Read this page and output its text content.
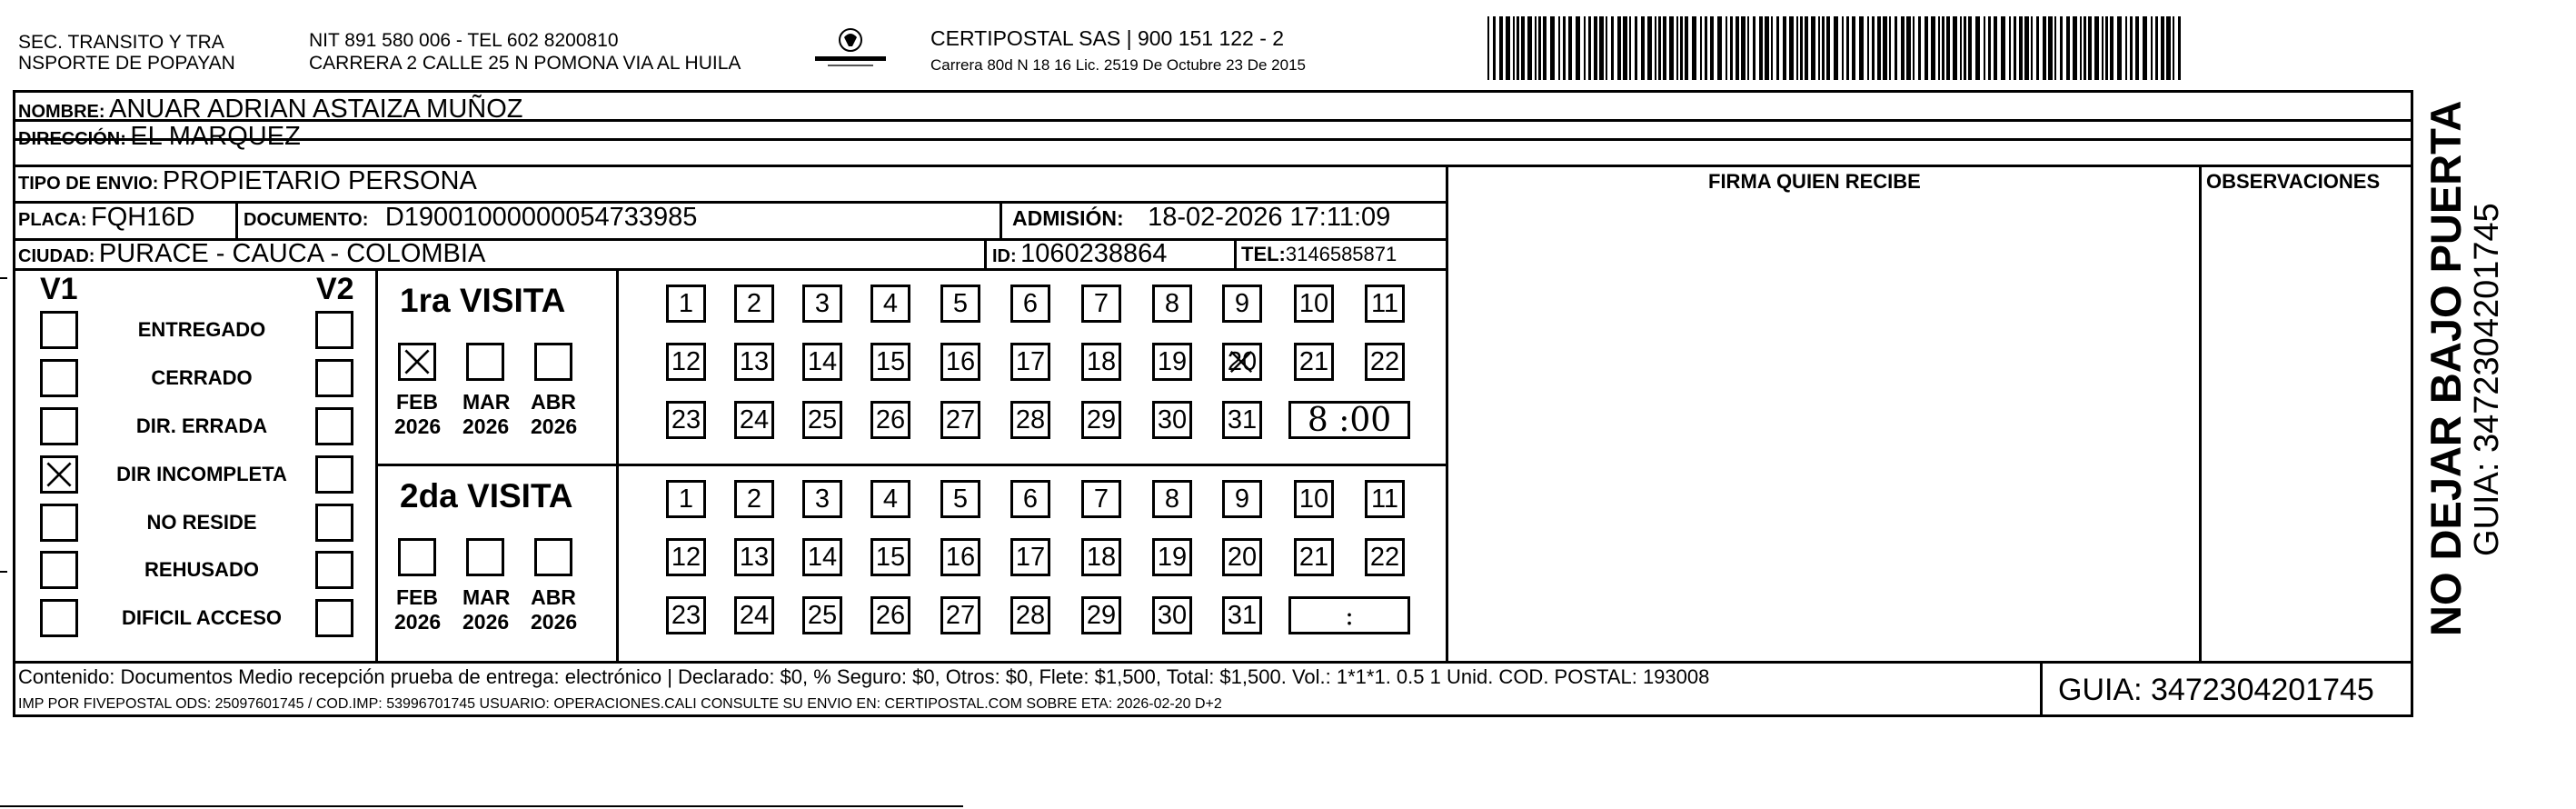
SEC. TRANSITO Y TRA
NSPORTE DE POPAYAN
NIT 891 580 006 - TEL 602 8200810
CARRERA 2 CALLE 25 N POMONA VIA AL HUILA
CERTIPOSTAL SAS | 900 151 122 - 2
Carrera 80d N 18 16 Lic. 2519 De Octubre 23 De 2015
NOMBRE: ANUAR ADRIAN ASTAIZA MUÑOZ
DIRECCIÓN: EL MARQUEZ
TIPO DE ENVIO: PROPIETARIO PERSONA	FIRMA QUIEN RECIBE	OBSERVACIONES
PLACA: FQH16D	DOCUMENTO: D19001000000054733985	ADMISIÓN: 18-02-2026 17:11:09
CIUDAD: PURACE - CAUCA - COLOMBIA	ID: 1060238864	TEL:3146585871
V1	V2
ENTREGADO
CERRADO
DIR. ERRADA
DIR INCOMPLETA
NO RESIDE
REHUSADO
DIFICIL ACCESO
1ra VISITA
FEB
2026
MAR
2026
ABR
2026
1 2 3 4 5 6 7 8 9 10 11
12 13 14 15 16 17 18 19 20 21 22
23 24 25 26 27 28 29 30 31 8 :00
2da VISITA
FEB
2026
MAR
2026
ABR
2026
1 2 3 4 5 6 7 8 9 10 11
12 13 14 15 16 17 18 19 20 21 22
23 24 25 26 27 28 29 30 31	:
Contenido: Documentos Medio recepción prueba de entrega: electrónico | Declarado: $0, % Seguro: $0, Otros: $0, Flete: $1,500, Total: $1,500. Vol.: 1*1*1. 0.5 1 Unid. COD. POSTAL: 193008
IMP POR FIVEPOSTAL ODS: 25097601745 / COD.IMP: 53996701745 USUARIO: OPERACIONES.CALI CONSULTE SU ENVIO EN: CERTIPOSTAL.COM SOBRE ETA: 2026-02-20 D+2	GUIA: 3472304201745
NO DEJAR BAJO PUERTA
GUIA: 3472304201745
